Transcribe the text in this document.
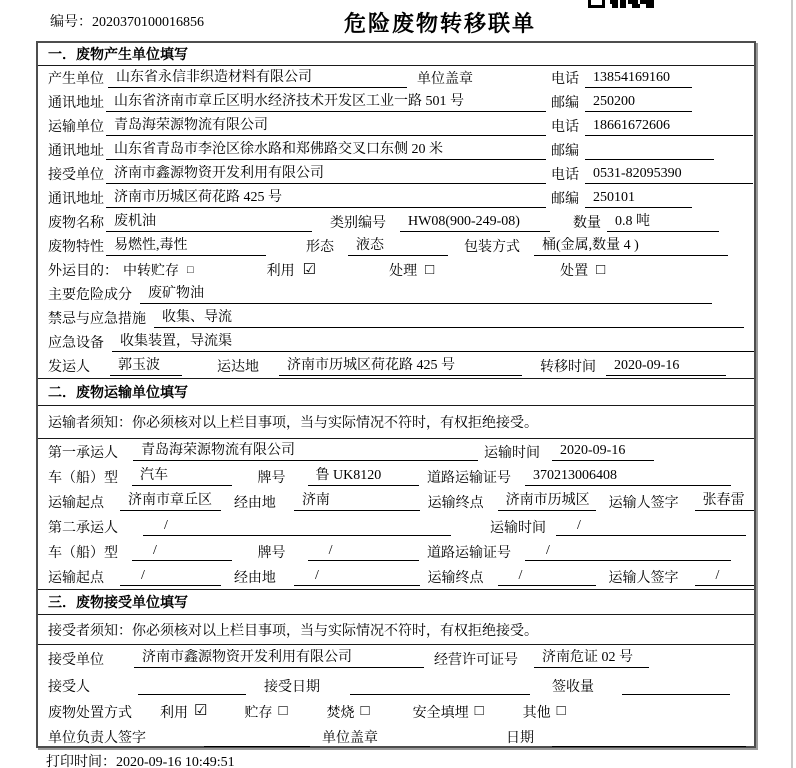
编号：2020370100016856	危险废物转移联单
一．废物产生单位填写
产生单位 山东省永信非织造材料有限公司	单位盖章	电话	13854169160
通讯地址 山东省济南市章丘区明水经济技术开发区工业一路 501 号	邮编	250200
运输单位 青岛海荣源物流有限公司	电话	18661672606
通讯地址 山东省青岛市李沧区徐水路和郑佛路交叉口东侧 20 米	邮编
接受单位 济南市鑫源物资开发利用有限公司	电话	0531-82095390
通讯地址 济南市历城区荷花路 425 号	邮编	250101
废物名称 废机油	类别编号	HW08(900-249-08)	数量	0.8 吨
废物特性 易燃性,毒性	形态	液态	包装方式	桶(金属,数量 4 )
外运目的： 中转贮存 □	利用 ☑	处理 □	处置 □
主要危险成分	废矿物油
禁忌与应急措施	收集、导流
应急设备	收集装置，导流渠
发运人	郭玉波	运达地	济南市历城区荷花路 425 号	转移时间	2020-09-16
二．废物运输单位填写
运输者须知：你必须核对以上栏目事项，当与实际情况不符时，有权拒绝接受。
第一承运人	青岛海荣源物流有限公司	运输时间	2020-09-16
车（船）型	汽车	牌号	鲁 UK8120	道路运输证号	370213006408
运输起点	济南市章丘区	经由地	济南	运输终点	济南市历城区	运输人签字	张春雷
第二承运人	/	运输时间	/
车（船）型	/	牌号	/	道路运输证号	/
运输起点	/	经由地	/	运输终点	/	运输人签字	/
三．废物接受单位填写
接受者须知：你必须核对以上栏目事项，当与实际情况不符时，有权拒绝接受。
接受单位	济南市鑫源物资开发利用有限公司	经营许可证号	济南危证 02 号
接受人	接受日期	签收量
废物处置方式 利用 ☑	贮存 □	焚烧 □	安全填埋 □	其他 □
单位负责人签字	单位盖章	日期
打印时间：2020-09-16 10:49:51
